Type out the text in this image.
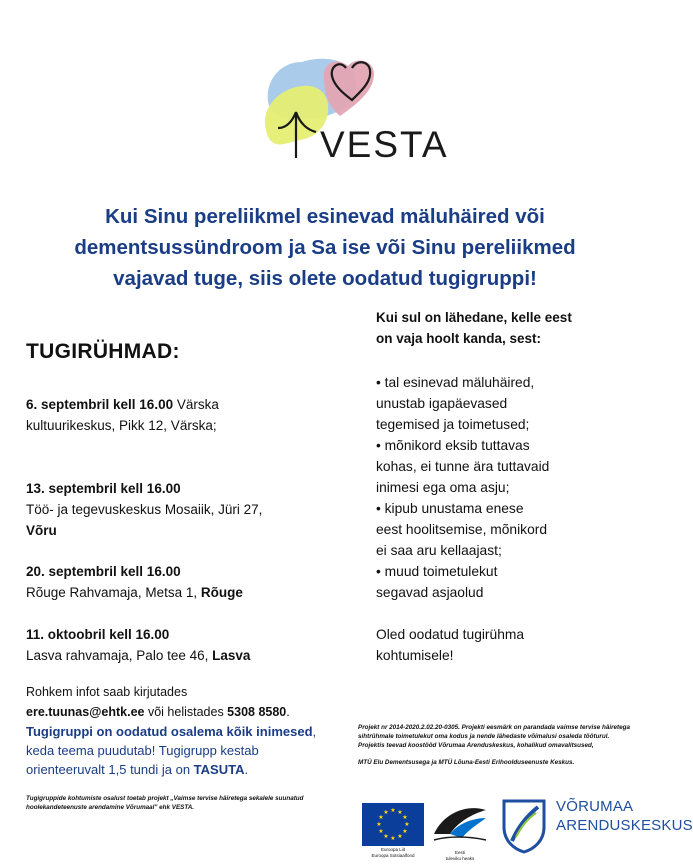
VESTA
Kui Sinu pereliikmel esinevad mäluhäired või
dementsussündroom ja Sa ise või Sinu pereliikmed
vajavad tuge, siis olete oodatud tugigruppi!
TUGIRÜHMAD:
6. septembril kell 16.00 Värska
kultuurikeskus, Pikk 12, Värska;
13. septembril kell 16.00
Töö- ja tegevuskeskus Mosaiik, Jüri 27,
Võru
20. septembril kell 16.00
Rõuge Rahvamaja, Metsa 1, Rõuge
11. oktoobril kell 16.00
Lasva rahvamaja, Palo tee 46, Lasva
Rohkem infot saab kirjutades
ere.tuunas@ehtk.ee või helistades 5308 8580.
Tugigruppi on oodatud osalema kõik inimesed, keda teema puudutab! Tugigrupp kestab orienteeruvalt 1,5 tundi ja on TASUTA.
Tugigruppide kohtumiste osalust toetab projekt „Vaimse tervise häiretega sekalele suunatud hoolekandeteenuste arendamine Võrumaal" ehk VESTA.
Kui sul on lähedane, kelle eest
on vaja hoolt kanda, sest:
• tal esinevad mäluhäired,
unustab igapäevased
tegemised ja toimetused;
• mõnikord eksib tuttavas
kohas, ei tunne ära tuttavaid
inimesi ega oma asju;
• kipub unustama enese
eest hoolitsemise, mõnikord
ei saa aru kellaajast;
• muud toimetulekut
segavad asjaolud
Oled oodatud tugirühma
kohtumisele!

Projekt nr 2014-2020.2.02.20-0305. Projekti eesmärk on parandada vaimse tervise häiretega sihtrühmale toimetulekut oma kodus ja nende lähedaste võimalusi osaleda tööturul.

Projektis teevad koostööd Võrumaa Arenduskeskus, kohalikud omavalitsused,

MTÜ Elu Dementsusega ja MTÜ Lõuna-Eesti Erihoolduseenuste Keskus.

★ ★
★
★
★
★
★
★
★
★
★
★
Euroopa Liit
Euroopa Sotsiaalfond
Eesti
tuleviku heaks
VÕRUMAA
ARENDUSKESKUS
